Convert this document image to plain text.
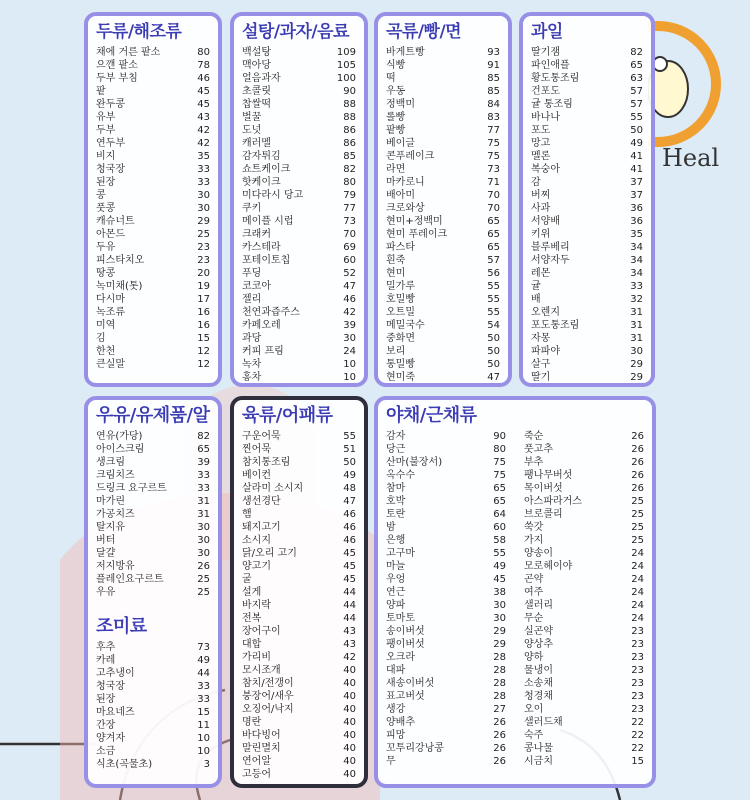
Heal
두류/해조류
채에 거른 팥소	80
으깬 팥소	78
두부 부침	46
팥	45
완두콩	45
유부	43
두부	42
연두부	42
비지	35
청국장	33
된장	33
콩	30
풋콩	30
캐슈너트	29
아몬드	25
두유	23
피스타치오	23
땅콩	20
녹미채(톳)	19
다시마	17
녹조류	16
미역	16
김	15
한천	12
큰실말	12
설탕/과자/음료
백설탕	109
맥아당	105
얼음과자	100
초콜릿	90
찹쌀떡	88
벌꿀	88
도넛	86
캐러멜	86
감자튀김	85
쇼트케이크	82
핫케이크	80
미다라시 당고	79
쿠키	77
메이플 시럽	73
크래커	70
카스테라	69
포테이토칩	60
푸딩	52
코코아	47
젤리	46
천연과즙주스	42
카페오레	39
과당	30
커피 프림	24
녹차	10
홍차	10
곡류/빵/면
바게트빵	93
식빵	91
떡	85
우동	85
정백미	84
롤빵	83
팥빵	77
베이글	75
콘푸레이크	75
라면	73
마카로니	71
배아미	70
크로와상	70
현미+정백미	65
현미 푸레이크	65
파스타	65
흰죽	57
현미	56
밀가루	55
호밀빵	55
오트밀	55
메밀국수	54
중화면	50
보리	50
통밀빵	50
현미죽	47
과일
딸기잼	82
파인애플	65
황도통조림	63
건포도	57
귤 통조림	57
바나나	55
포도	50
망고	49
멜론	41
복숭아	41
감	37
버찌	37
사과	36
서양배	36
키위	35
블루베리	34
서양자두	34
레몬	34
귤	33
배	32
오렌지	31
포도통조림	31
자몽	31
파파야	30
살구	29
딸기	29
우유/유제품/알
연유(가당)	82
아이스크림	65
생크림	39
크림치즈	33
드링크 요구르트	33
마가린	31
가공치즈	31
탈지유	30
버터	30
달걀	30
저지방유	26
플레인요구르트	25
우유	25
조미료
후추	73
카레	49
고추냉이	44
청국장	33
된장	33
마요네즈	15
간장	11
양겨자	10
소금	10
식초(곡물초)	3
육류/어패류
구운어묵	55
찐어묵	51
참치통조림	50
베이컨	49
살라미 소시지	48
생선경단	47
햄	46
돼지고기	46
소시지	46
닭/오리 고기	45
양고기	45
굴	45
설게	44
바지락	44
전복	44
장어구이	43
대합	43
가리비	42
모시조개	40
참치/전갱이	40
붕장어/새우	40
오징어/낙지	40
명란	40
바다빙어	40
말린멸치	40
연어알	40
고등어	40
야채/근채류
감자	90
당근	80
산마(불장서)	75
옥수수	75
참마	65
호박	65
토란	64
밤	60
은행	58
고구마	55
마늘	49
우엉	45
연근	38
양파	30
토마토	30
송이버섯	29
팽이버섯	29
오크라	28
대파	28
새송이버섯	28
표고버섯	28
생강	27
양배추	26
피망	26
꼬투리강낭콩	26
무	26
죽순	26
풋고추	26
부추	26
팽나무버섯	26
목이버섯	26
아스파라거스	25
브로콜리	25
쑥갓	25
가지	25
양송이	24
모로헤이야	24
곤약	24
여주	24
샐러리	24
무순	24
실곤약	23
양상추	23
양하	23
물냉이	23
소송채	23
청경채	23
오이	23
샐러드채	22
숙주	22
콩나물	22
시금치	15
